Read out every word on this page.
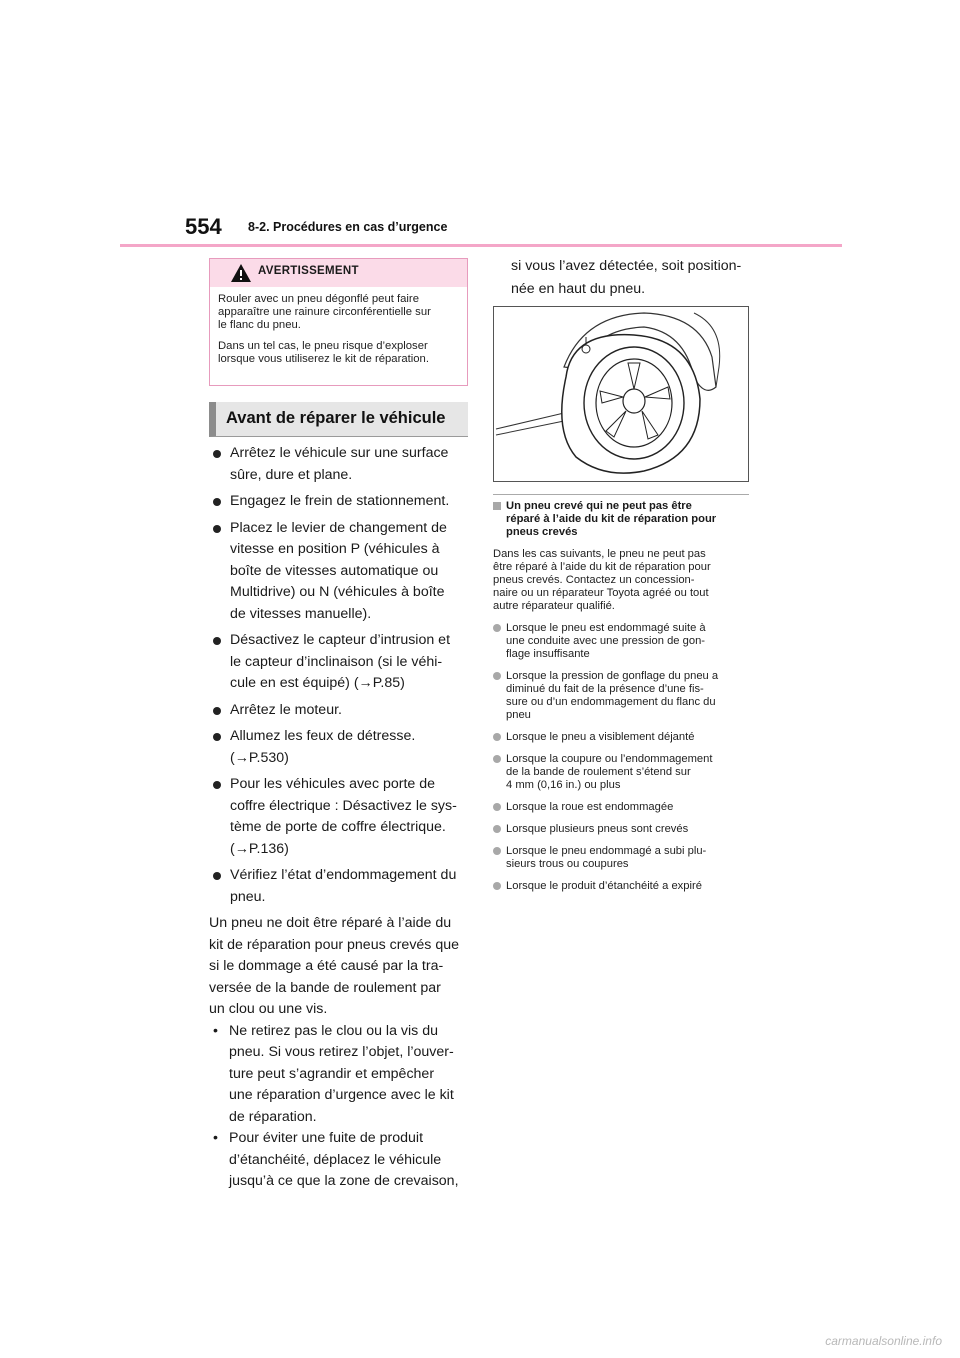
554 8-2. Procédures en cas d’urgence
AVERTISSEMENT

Rouler avec un pneu dégonflé peut faire
apparaître une rainure circonférentielle sur
le flanc du pneu.

Dans un tel cas, le pneu risque d’exploser
lorsque vous utiliserez le kit de réparation.

Avant de réparer le véhicule
Arrêtez le véhicule sur une surface
sûre, dure et plane.
Engagez le frein de stationnement.
Placez le levier de changement de
vitesse en position P (véhicules à
boîte de vitesses automatique ou
Multidrive) ou N (véhicules à boîte
de vitesses manuelle).
Désactivez le capteur d’intrusion et
le capteur d’inclinaison (si le véhi-
cule en est équipé) (→P.85)
Arrêtez le moteur.
Allumez les feux de détresse.
(→P.530)
Pour les véhicules avec porte de
coffre électrique : Désactivez le sys-
tème de porte de coffre électrique.
(→P.136)
Vérifiez l’état d’endommagement du
pneu.

Un pneu ne doit être réparé à l’aide du
kit de réparation pour pneus crevés que
si le dommage a été causé par la tra-
versée de la bande de roulement par
un clou ou une vis.

• Ne retirez pas le clou ou la vis du
pneu. Si vous retirez l’objet, l’ouver-
ture peut s’agrandir et empêcher
une réparation d’urgence avec le kit
de réparation.
• Pour éviter une fuite de produit
d’étanchéité, déplacez le véhicule
jusqu’à ce que la zone de crevaison,
si vous l’avez détectée, soit position-
née en haut du pneu.
Un pneu crevé qui ne peut pas être
réparé à l’aide du kit de réparation pour
pneus crevés
Dans les cas suivants, le pneu ne peut pas
être réparé à l’aide du kit de réparation pour
pneus crevés. Contactez un concession-
naire ou un réparateur Toyota agréé ou tout
autre réparateur qualifié.
Lorsque le pneu est endommagé suite à
une conduite avec une pression de gon-
flage insuffisante
Lorsque la pression de gonflage du pneu a
diminué du fait de la présence d’une fis-
sure ou d’un endommagement du flanc du
pneu
Lorsque le pneu a visiblement déjanté
Lorsque la coupure ou l’endommagement
de la bande de roulement s’étend sur
4 mm (0,16 in.) ou plus
Lorsque la roue est endommagée
Lorsque plusieurs pneus sont crevés
Lorsque le pneu endommagé a subi plu-
sieurs trous ou coupures
Lorsque le produit d’étanchéité a expiré
carmanualsonline.info
